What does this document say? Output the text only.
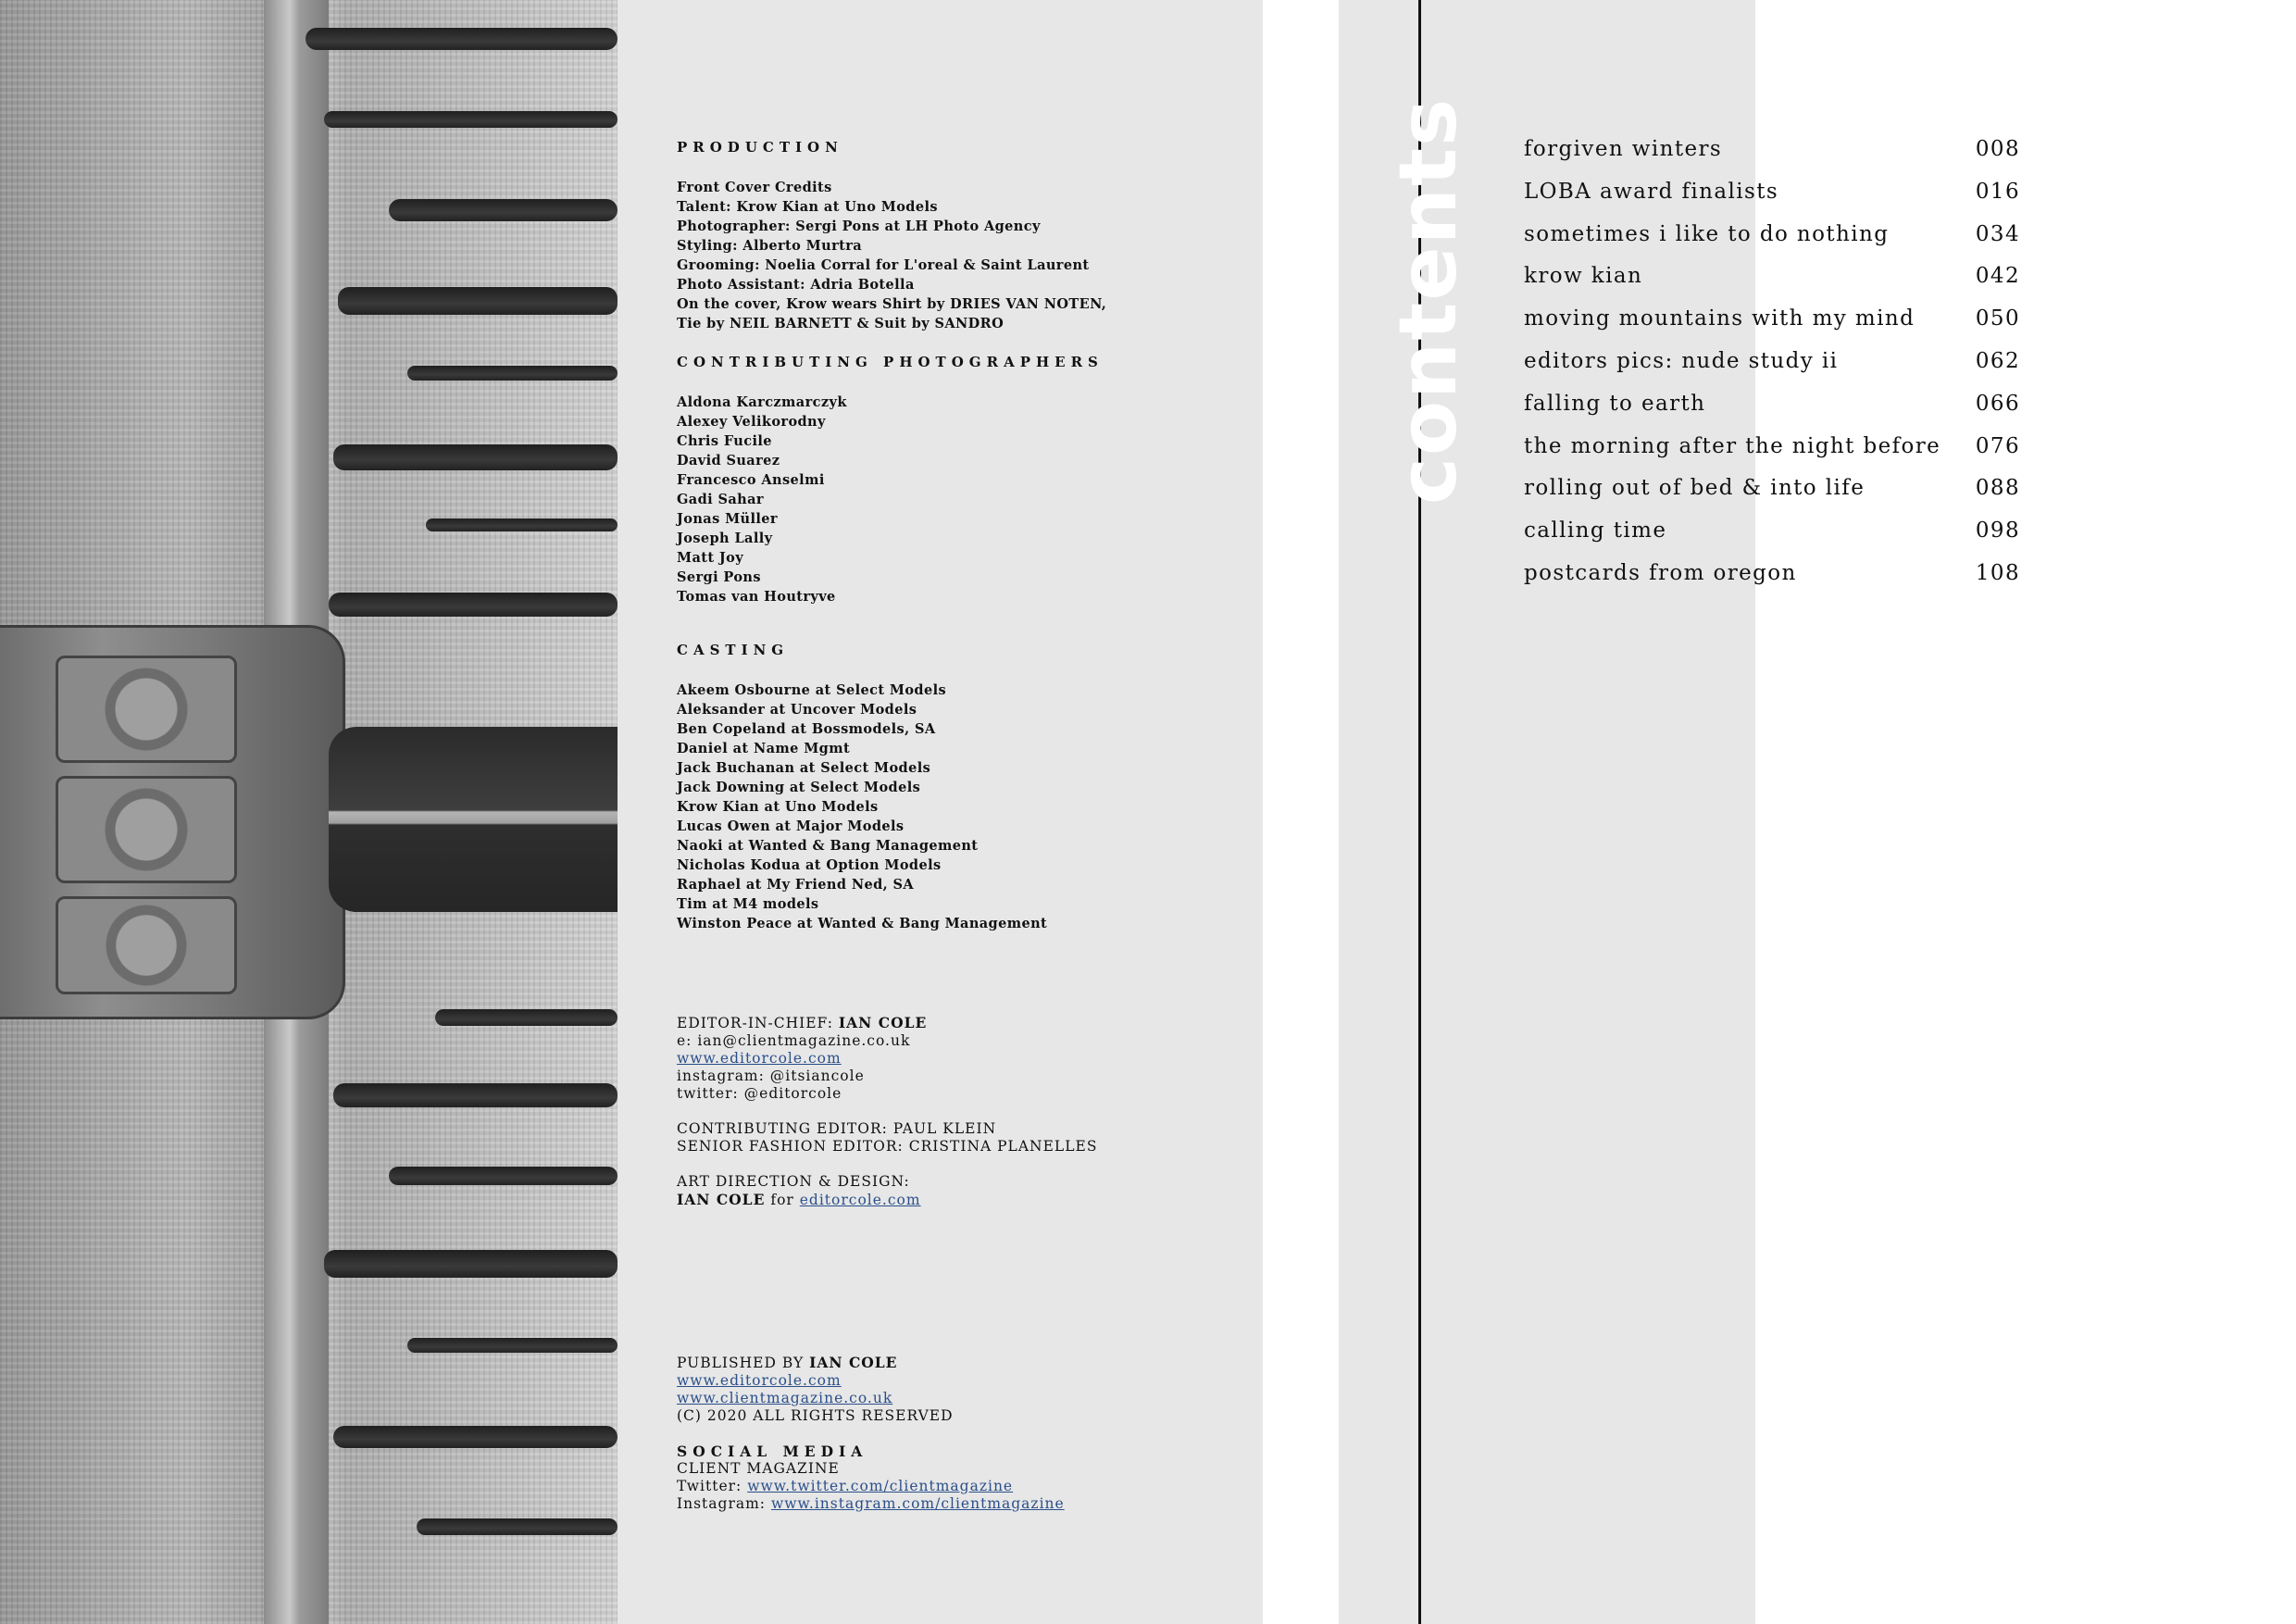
PRODUCTION
Front Cover Credits
Talent: Krow Kian at Uno Models
Photographer: Sergi Pons at LH Photo Agency
Styling: Alberto Murtra
Grooming: Noelia Corral for L'oreal & Saint Laurent
Photo Assistant: Adria Botella
On the cover, Krow wears Shirt by DRIES VAN NOTEN,
Tie by NEIL BARNETT & Suit by SANDRO
CONTRIBUTING PHOTOGRAPHERS
Aldona Karczmarczyk
Alexey Velikorodny
Chris Fucile
David Suarez
Francesco Anselmi
Gadi Sahar
Jonas Müller
Joseph Lally
Matt Joy
Sergi Pons
Tomas van Houtryve
CASTING
Akeem Osbourne at Select Models
Aleksander at Uncover Models
Ben Copeland at Bossmodels, SA
Daniel at Name Mgmt
Jack Buchanan at Select Models
Jack Downing at Select Models
Krow Kian at Uno Models
Lucas Owen at Major Models
Naoki at Wanted & Bang Management
Nicholas Kodua at Option Models
Raphael at My Friend Ned, SA
Tim at M4 models
Winston Peace at Wanted & Bang Management
EDITOR-IN-CHIEF: IAN COLE
e: ian@clientmagazine.co.uk
www.editorcole.com
instagram: @itsiancole
twitter: @editorcole
CONTRIBUTING EDITOR: PAUL KLEIN
SENIOR FASHION EDITOR: CRISTINA PLANELLES
ART DIRECTION & DESIGN:
IAN COLE for editorcole.com
PUBLISHED BY IAN COLE
www.editorcole.com
www.clientmagazine.co.uk
(C) 2020 ALL RIGHTS RESERVED
SOCIAL MEDIA
CLIENT MAGAZINE
Twitter: www.twitter.com/clientmagazine
Instagram: www.instagram.com/clientmagazine
contents forgiven winters	008
LOBA award finalists	016
sometimes i like to do nothing	034
krow kian	042
moving mountains with my mind	050
editors pics: nude study ii	062
falling to earth	066
the morning after the night before 076
rolling out of bed & into life	088
calling time	098
postcards from oregon	108
